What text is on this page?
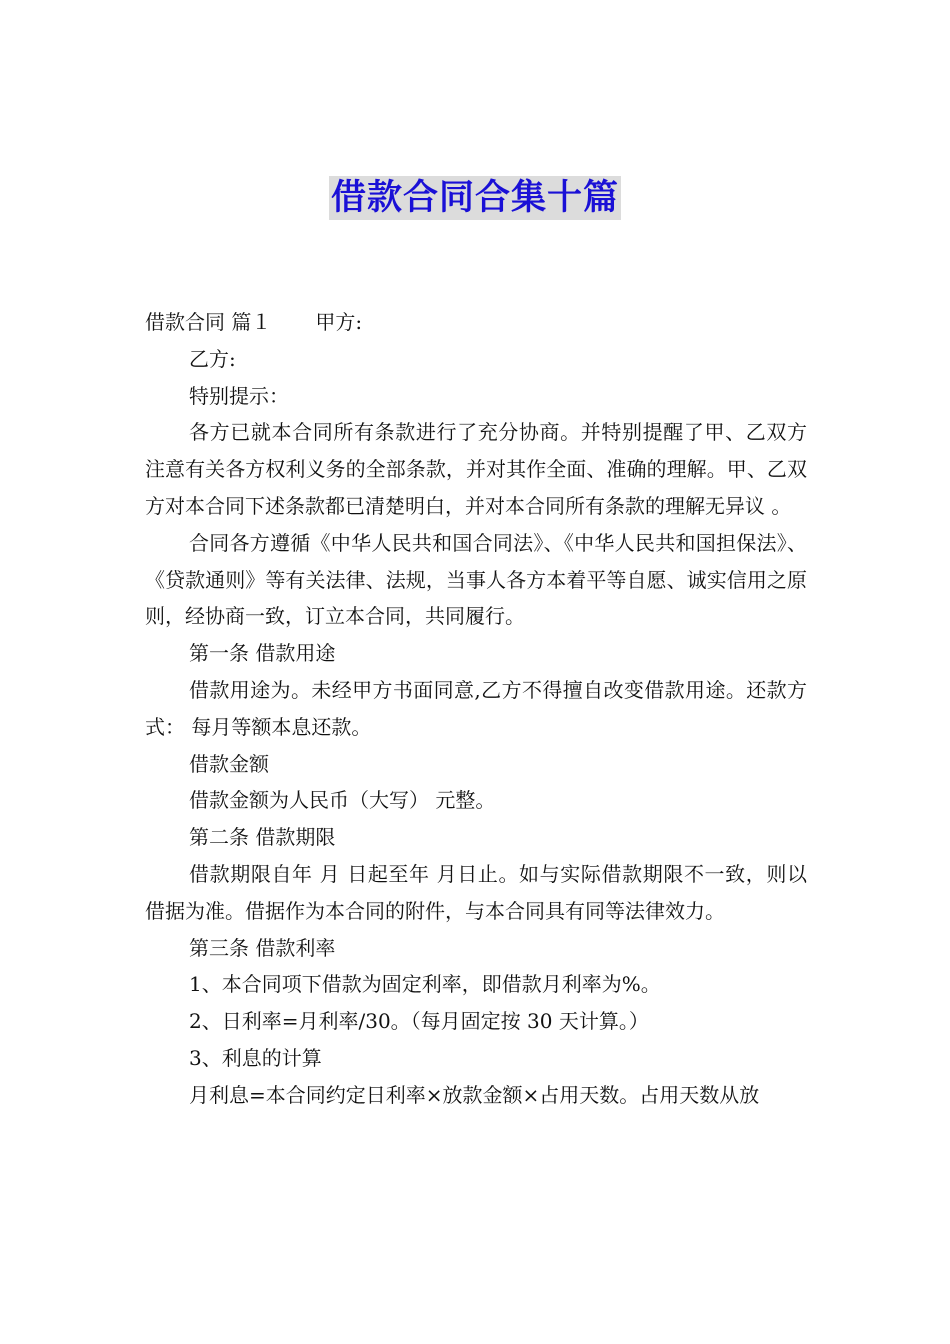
借款合同合集十篇

借款合同 篇１ 甲方:

乙方:

特别提示：

各方已就本合同所有条款进行了充分协商。并特别提醒了甲、乙双方注意有关各方权利义务的全部条款，并对其作全面、准确的理解。甲、乙双方对本合同下述条款都已清楚明白，并对本合同所有条款的理解无异议 。

合同各方遵循《中华人民共和国合同法》、《中华人民共和国担保法》、《贷款通则》等有关法律、法规，当事人各方本着平等自愿、诚实信用之原则，经协商一致，订立本合同，共同履行。

第一条 借款用途

借款用途为。未经甲方书面同意,乙方不得擅自改变借款用途。还款方式： 每月等额本息还款。

借款金额

借款金额为人民币（大写） 元整。

第二条 借款期限

借款期限自年 月 日起至年 月日止。如与实际借款期限不一致，则以借据为准。借据作为本合同的附件，与本合同具有同等法律效力。

第三条 借款利率

1、本合同项下借款为固定利率，即借款月利率为%。

2、日利率=月利率/30。（每月固定按 30 天计算。）

3、利息的计算

月利息=本合同约定日利率×放款金额×占用天数。占用天数从放
